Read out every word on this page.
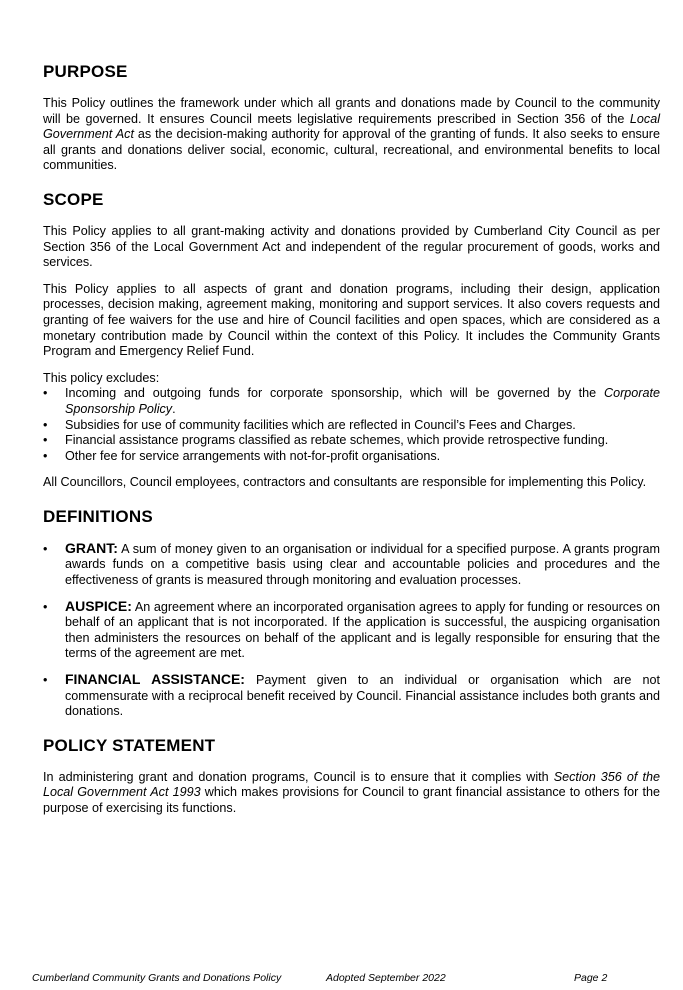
PURPOSE

This Policy outlines the framework under which all grants and donations made by Council to the community will be governed. It ensures Council meets legislative requirements prescribed in Section 356 of the Local Government Act as the decision-making authority for approval of the granting of funds. It also seeks to ensure all grants and donations deliver social, economic, cultural, recreational, and environmental benefits to local communities.

SCOPE

This Policy applies to all grant-making activity and donations provided by Cumberland City Council as per Section 356 of the Local Government Act and independent of the regular procurement of goods, works and services.

This Policy applies to all aspects of grant and donation programs, including their design, application processes, decision making, agreement making, monitoring and support services. It also covers requests and granting of fee waivers for the use and hire of Council facilities and open spaces, which are considered as a monetary contribution made by Council within the context of this Policy. It includes the Community Grants Program and Emergency Relief Fund.

This policy excludes:

• Incoming and outgoing funds for corporate sponsorship, which will be governed by the Corporate Sponsorship Policy.
• Subsidies for use of community facilities which are reflected in Council’s Fees and Charges.
• Financial assistance programs classified as rebate schemes, which provide retrospective funding.
• Other fee for service arrangements with not-for-profit organisations.

All Councillors, Council employees, contractors and consultants are responsible for implementing this Policy.

DEFINITIONS
• GRANT: A sum of money given to an organisation or individual for a specified purpose. A grants program awards funds on a competitive basis using clear and accountable policies and procedures and the effectiveness of grants is measured through monitoring and evaluation processes.
• AUSPICE: An agreement where an incorporated organisation agrees to apply for funding or resources on behalf of an applicant that is not incorporated. If the application is successful, the auspicing organisation then administers the resources on behalf of the applicant and is legally responsible for ensuring that the terms of the agreement are met.
• FINANCIAL ASSISTANCE: Payment given to an individual or organisation which are not commensurate with a reciprocal benefit received by Council. Financial assistance includes both grants and donations.
POLICY STATEMENT

In administering grant and donation programs, Council is to ensure that it complies with Section 356 of the Local Government Act 1993 which makes provisions for Council to grant financial assistance to others for the purpose of exercising its functions.

Cumberland Community Grants and Donations Policy	Adopted September 2022	Page 2
